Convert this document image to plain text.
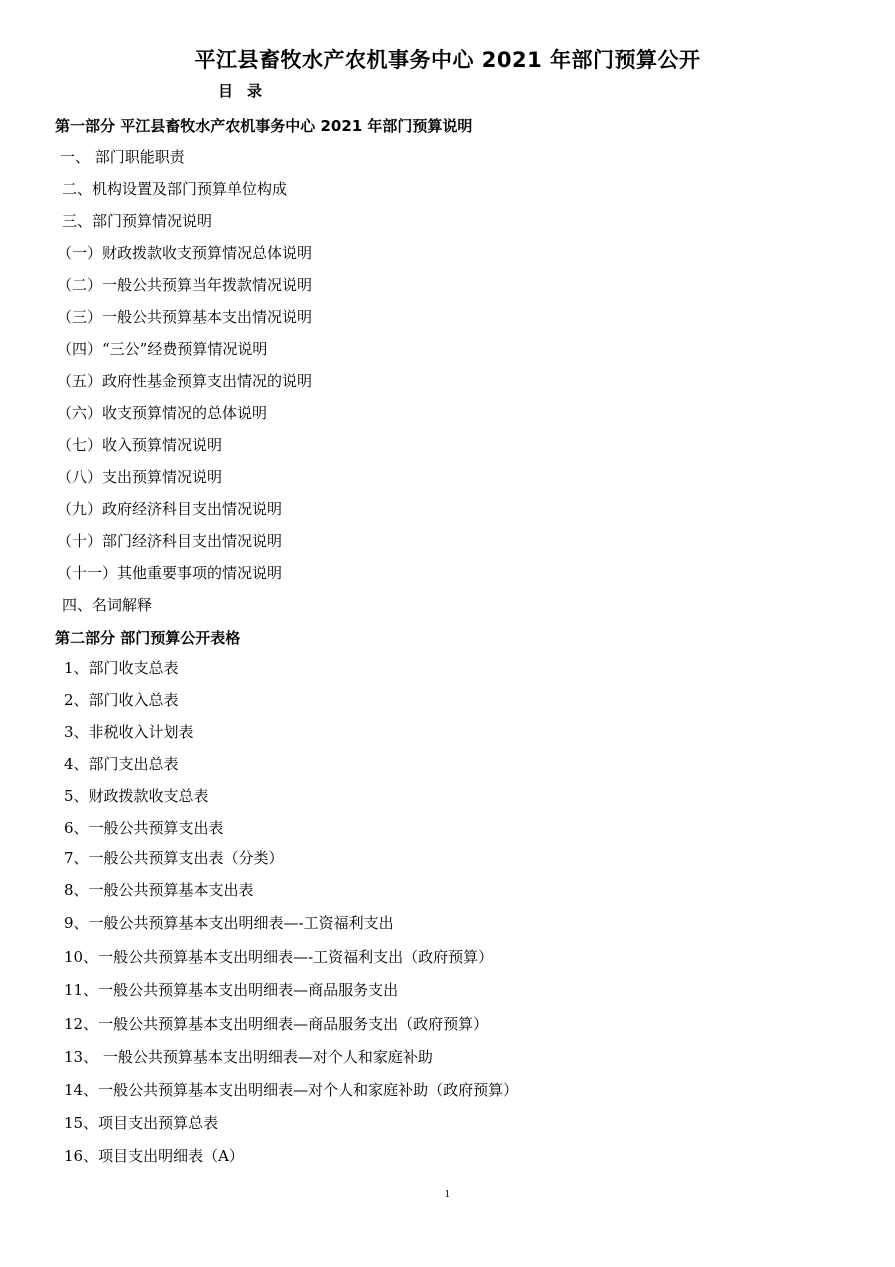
平江县畜牧水产农机事务中心 2021 年部门预算公开
目录
第一部分 平江县畜牧水产农机事务中心 2021 年部门预算说明
一、 部门职能职责
二、机构设置及部门预算单位构成
三、部门预算情况说明
（一）财政拨款收支预算情况总体说明
（二）一般公共预算当年拨款情况说明
（三）一般公共预算基本支出情况说明
（四）“三公”经费预算情况说明
（五）政府性基金预算支出情况的说明
（六）收支预算情况的总体说明
（七）收入预算情况说明
（八）支出预算情况说明
（九）政府经济科目支出情况说明
（十）部门经济科目支出情况说明
（十一）其他重要事项的情况说明
四、名词解释
第二部分 部门预算公开表格
1、部门收支总表
2、部门收入总表
3、非税收入计划表
4、部门支出总表
5、财政拨款收支总表
6、一般公共预算支出表
7、一般公共预算支出表（分类）
8、一般公共预算基本支出表
9、一般公共预算基本支出明细表—-工资福利支出
10、一般公共预算基本支出明细表—-工资福利支出（政府预算）
11、一般公共预算基本支出明细表—商品服务支出
12、一般公共预算基本支出明细表—商品服务支出（政府预算）
13、 一般公共预算基本支出明细表—对个人和家庭补助
14、一般公共预算基本支出明细表—对个人和家庭补助（政府预算）
15、项目支出预算总表
16、项目支出明细表（A）
1
